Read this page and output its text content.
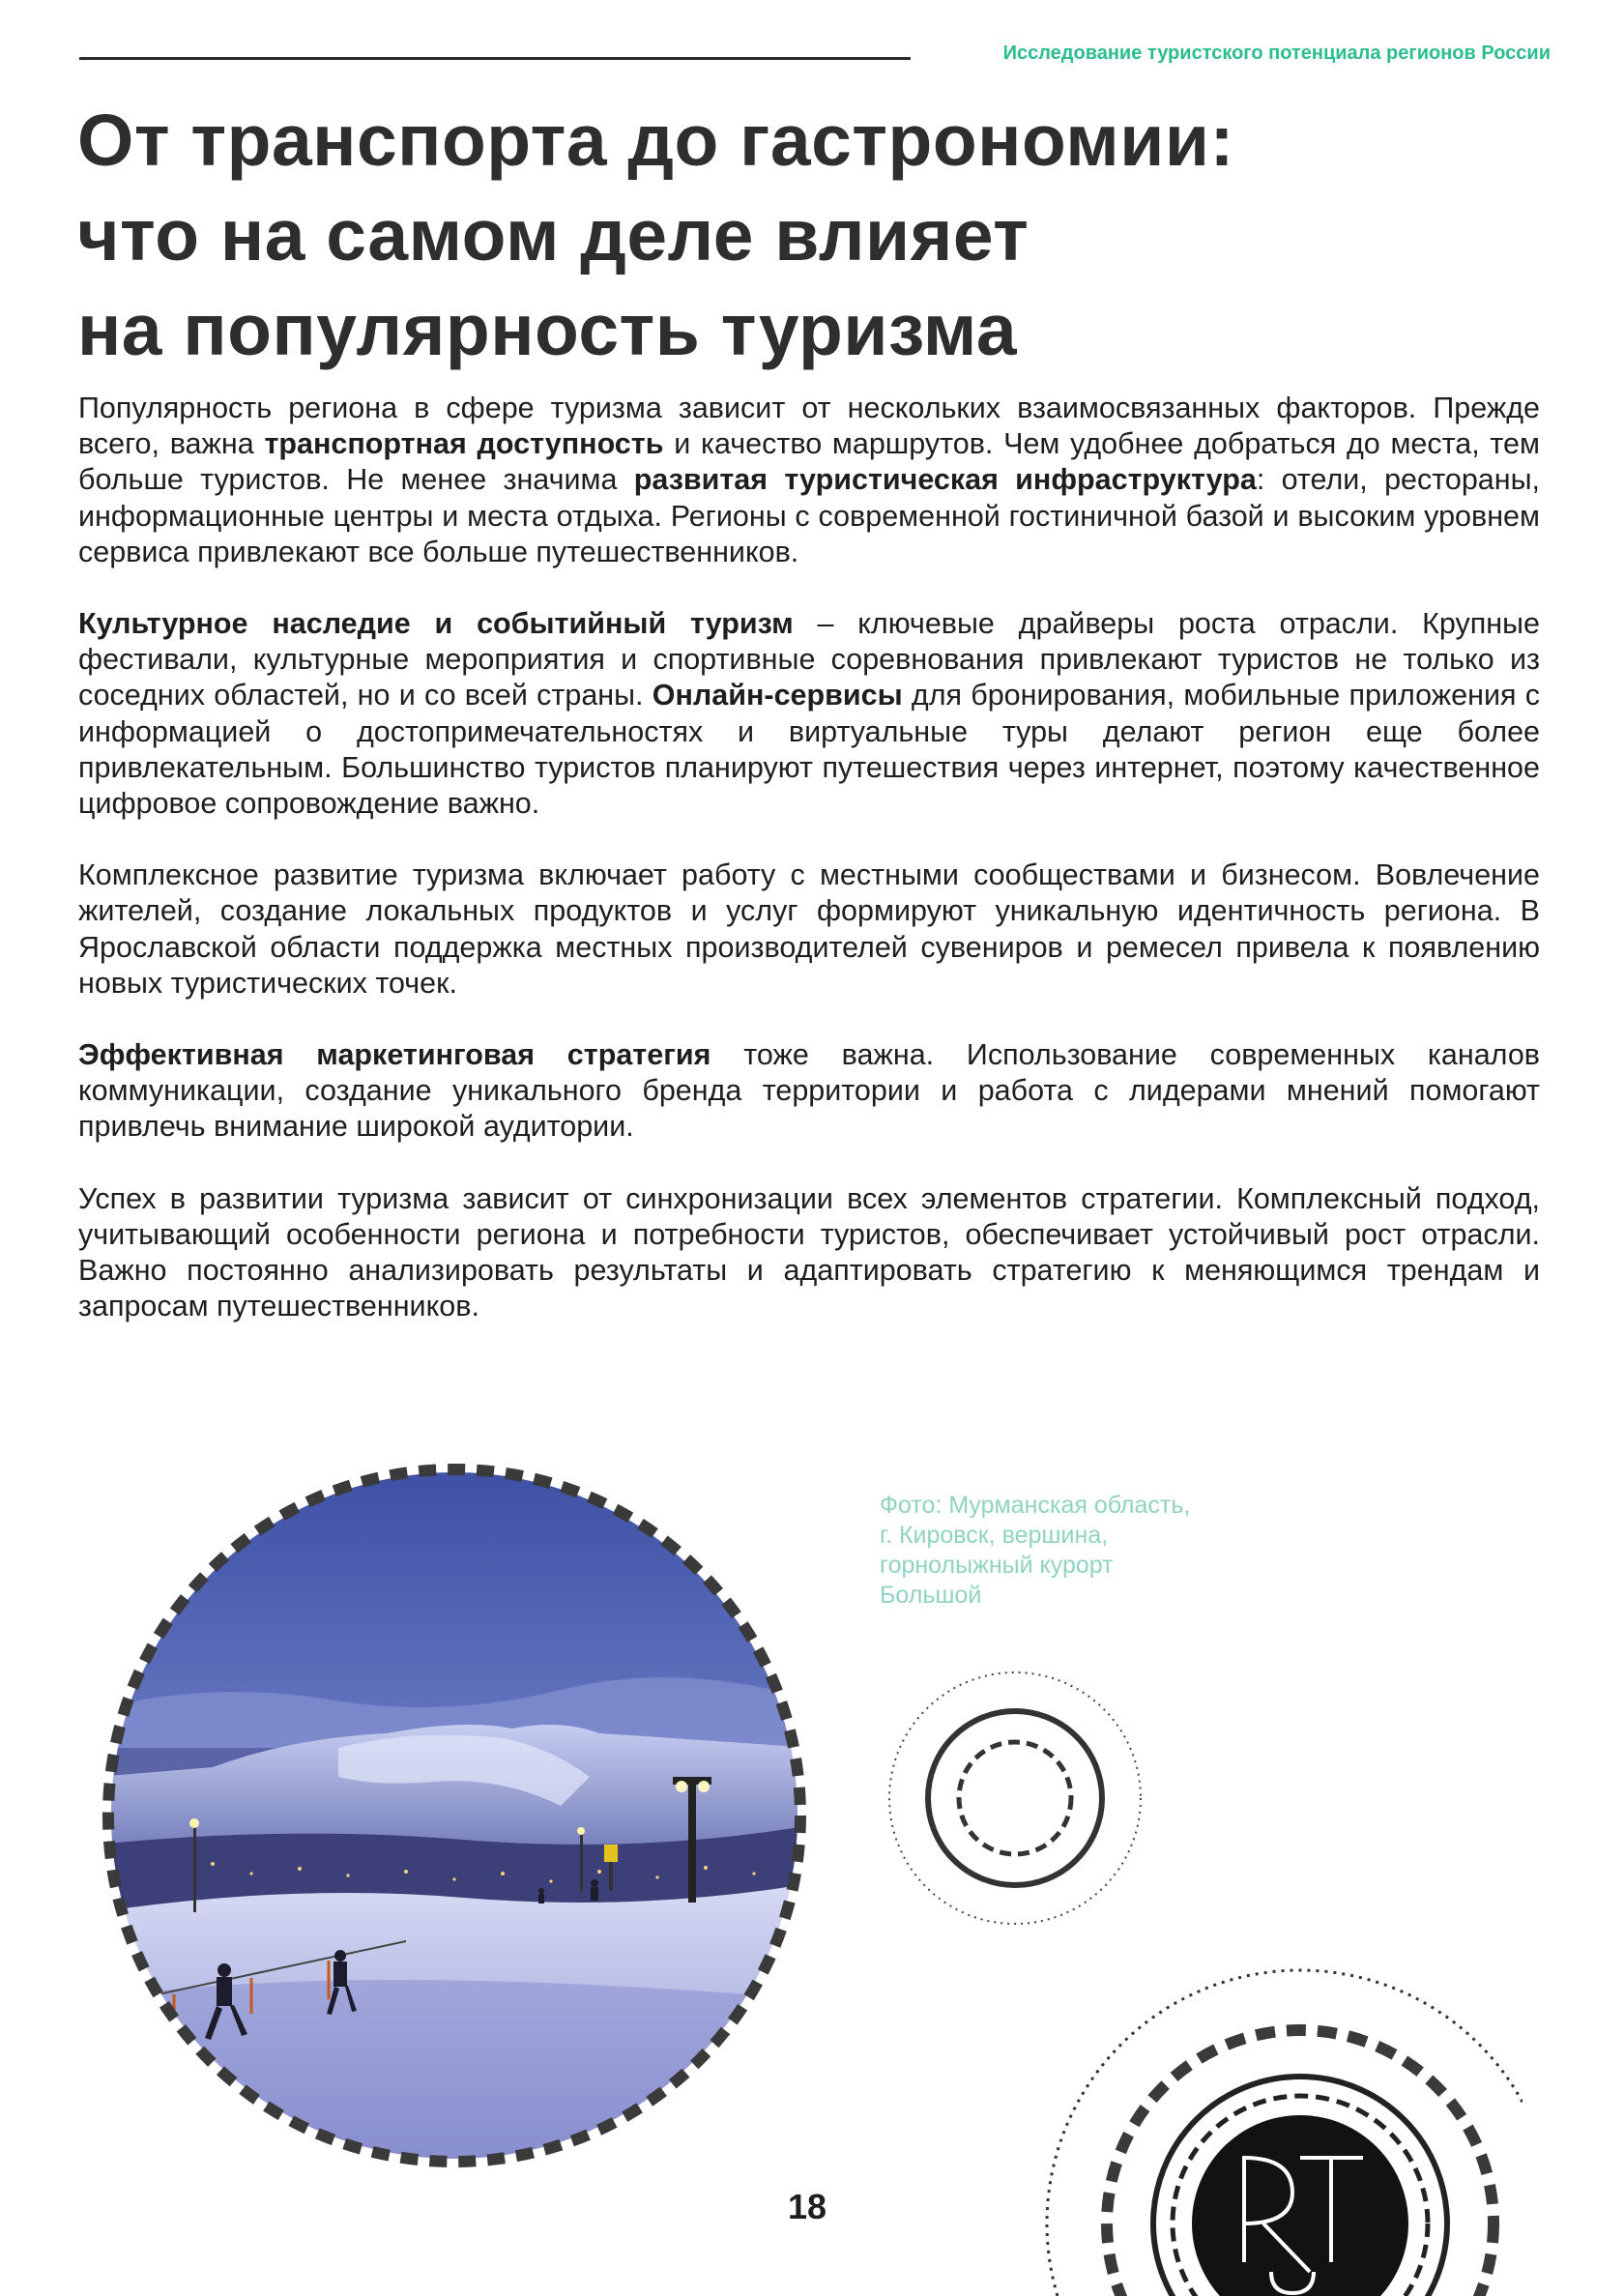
Исследование туристского потенциала регионов России
От транспорта до гастрономии:
что на самом деле влияет
на популярность туризма

Популярность региона в сфере туризма зависит от нескольких взаимосвязанных факторов. Прежде всего, важна транспортная доступность и качество маршрутов. Чем удобнее добраться до места, тем больше туристов. Не менее значима развитая туристическая инфраструктура: отели, рестораны, информационные центры и места отдыха. Регионы с современной гостиничной базой и высоким уровнем сервиса привлекают все больше путешественников.

Культурное наследие и событийный туризм – ключевые драйверы роста отрасли. Крупные фестивали, культурные мероприятия и спортивные соревнования привлекают туристов не только из соседних областей, но и со всей страны. Онлайн-сервисы для бронирования, мобильные приложения с информацией о достопримечательностях и виртуальные туры делают регион еще более привлекательным. Большинство туристов планируют путешествия через интернет, поэтому качественное цифровое сопровождение важно.

Комплексное развитие туризма включает работу с местными сообществами и бизнесом. Вовлечение жителей, создание локальных продуктов и услуг формируют уникальную идентичность региона. В Ярославской области поддержка местных производителей сувениров и ремесел привела к появлению новых туристических точек.

Эффективная маркетинговая стратегия тоже важна. Использование современных каналов коммуникации, создание уникального бренда территории и работа с лидерами мнений помогают привлечь внимание широкой аудитории.

Успех в развитии туризма зависит от синхронизации всех элементов стратегии. Комплексный подход, учитывающий особенности региона и потребности туристов, обеспечивает устойчивый рост отрасли. Важно постоянно анализировать результаты и адаптировать стратегию к меняющимся трендам и запросам путешественников.

Фото: Мурманская область,
г. Кировск, вершина,
горнолыжный курорт
Большой
18
